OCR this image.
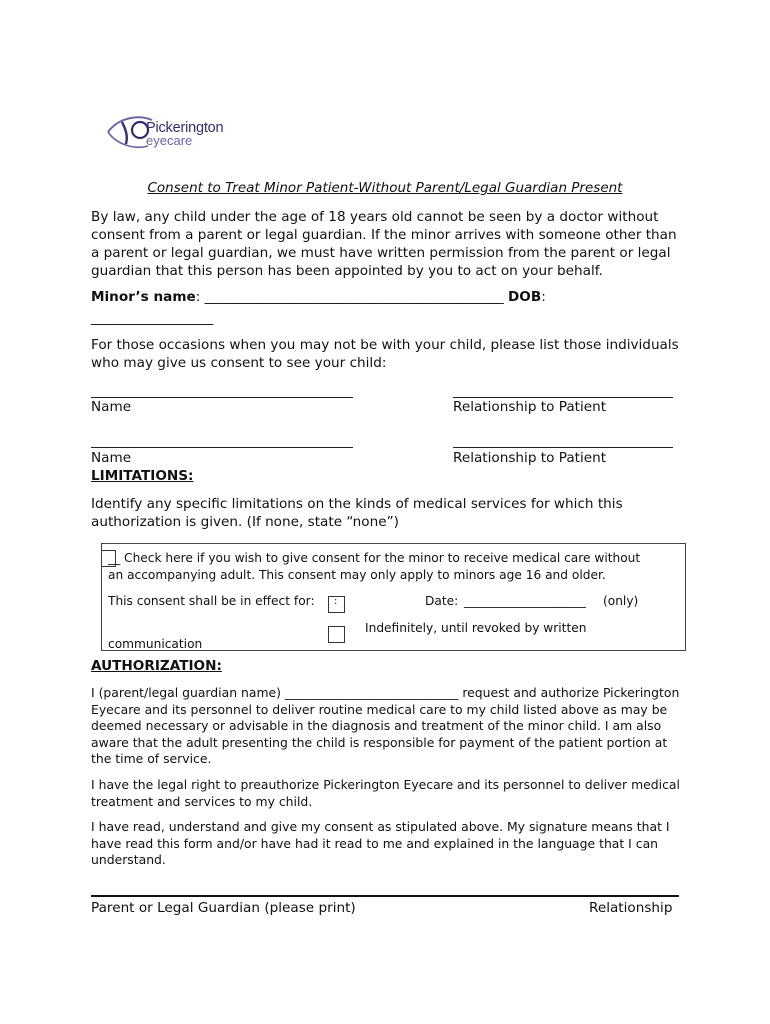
Pickerington
eyecare
Consent to Treat Minor Patient-Without Parent/Legal Guardian Present
By law, any child under the age of 18 years old cannot be seen by a doctor without consent from a parent or legal guardian. If the minor arrives with someone other than a parent or legal guardian, we must have written permission from the parent or legal guardian that this person has been appointed by you to act on your behalf.
Minor’s name: ____________________________________________ DOB:
__________________
For those occasions when you may not be with your child, please list those individuals who may give us consent to see your child:
Name	Relationship to Patient
Name	Relationship to Patient
LIMITATIONS:
Identify any specific limitations on the kinds of medical services for which this authorization is given. (If none, state “none”)
__ Check here if you wish to give consent for the minor to receive medical care without
an accompanying adult. This consent may only apply to minors age 16 and older.
This consent shall be in effect for: :	Date: ____________________ (only)
Indefinitely, until revoked by written
communication
AUTHORIZATION:
I (parent/legal guardian name) ____________________________ request and authorize Pickerington Eyecare and its personnel to deliver routine medical care to my child listed above as may be deemed necessary or advisable in the diagnosis and treatment of the minor child. I am also aware that the adult presenting the child is responsible for payment of the patient portion at the time of service.
I have the legal right to preauthorize Pickerington Eyecare and its personnel to deliver medical treatment and services to my child.
I have read, understand and give my consent as stipulated above. My signature means that I have read this form and/or have had it read to me and explained in the language that I can understand.
Parent or Legal Guardian (please print)	Relationship
